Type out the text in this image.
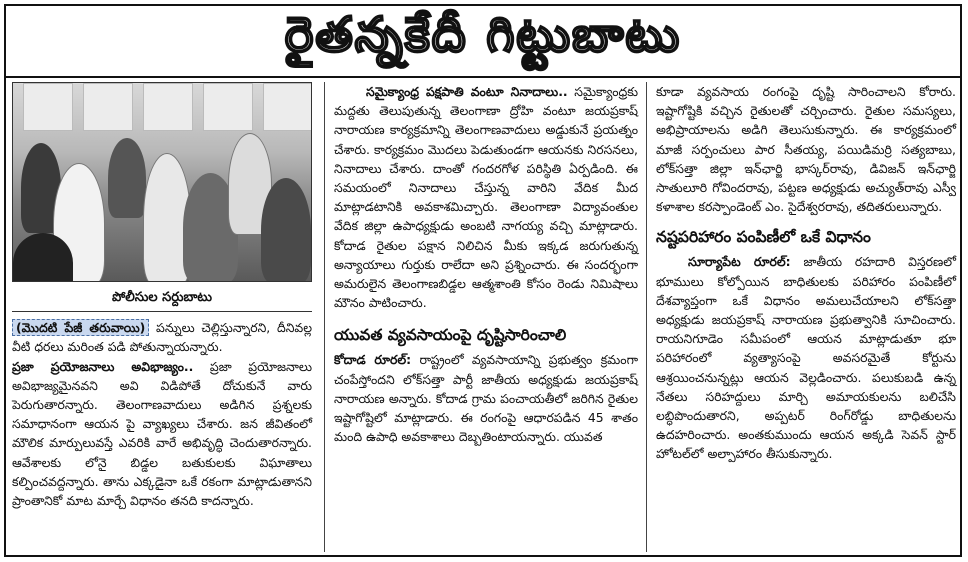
రైతన్నకేదీ గిట్టుబాటు
పోలీసుల సర్దుబాటు

(మొదటి పేజీ తరువాయి) పన్నులు చెల్లిస్తున్నారని, దీనివల్ల వీటి ధరలు మరింత పడి పోతున్నాయన్నారు.

ప్రజా ప్రయోజనాలు అవిభాజ్యం.. ప్రజా ప్రయోజనాలు అవిభాజ్యమైనవని అవి విడిపోతే దోచుకునే వారు పెరుగుతారన్నారు. తెలంగాణవాదులు అడిగిన ప్రశ్నలకు సమాధానంగా ఆయన పై వ్యాఖ్యలు చేశారు. జన జీవితంలో మౌలిక మార్పులువస్తే ఎవరికి వారే అభివృద్ధి చెందుతారన్నారు. ఆవేశాలకు లోనై బిడ్డల బతుకులకు విఘాతాలు కల్పించవద్దన్నారు. తాను ఎక్కడైనా ఒకే రకంగా మాట్లాడుతానని ప్రాంతానికో మాట మార్చే విధానం తనది కాదన్నారు.

సమైక్యాంధ్ర పక్షపాతి వంటూ నినాదాలు.. సమైక్యాంధ్రకు మద్దతు తెలుపుతున్న తెలంగాణా ద్రోహి వంటూ జయప్రకాష్ నారాయణ కార్యక్రమాన్ని తెలంగాణవాదులు అడ్డుకునే ప్రయత్నం చేశారు. కార్యక్రమం మొదలు పెడుతుండగా ఆయనకు నిరసనలు, నినాదాలు చేశారు. దాంతో గందరగోళ పరిస్థితి ఏర్పడింది. ఈ సమయంలో నినాదాలు చేస్తున్న వారిని వేదిక మీద మాట్లాడటానికి అవకాశమిచ్చారు. తెలంగాణా విద్యావంతుల వేదిక జిల్లా ఉపాధ్యక్షుడు అంబటి నాగయ్య వచ్చి మాట్లాడారు. కోదాడ రైతుల పక్షాన నిలిచిన మీకు ఇక్కడ జరుగుతున్న అన్యాయాలు గుర్తుకు రాలేదా అని ప్రశ్నించారు. ఈ సందర్భంగా అమరులైన తెలంగాణబిడ్డల ఆత్మశాంతి కోసం రెండు నిమిషాలు మౌనం పాటించారు.

యువత వ్యవసాయంపై దృష్టిసారించాలి

కోదాడ రూరల్: రాష్ట్రంలో వ్యవసాయాన్ని ప్రభుత్వం క్రమంగా చంపేస్తోందని లోక్‌సత్తా పార్టీ జాతీయ అధ్యక్షుడు జయప్రకాష్ నారాయణ అన్నారు. కోదాడ గ్రామ పంచాయతీలో జరిగిన రైతుల ఇష్టాగోష్టిలో మాట్లాడారు. ఈ రంగంపై ఆధారపడిన 45 శాతం మంది ఉపాధి అవకాశాలు దెబ్బతింటాయన్నారు. యువత

కూడా వ్యవసాయ రంగంపై దృష్టి సారించాలని కోరారు. ఇష్టాగోష్టికి వచ్చిన రైతులతో చర్చించారు. రైతుల సమస్యలు, అభిప్రాయాలను అడిగి తెలుసుకున్నారు. ఈ కార్యక్రమంలో మాజీ సర్పంచులు పార సీతయ్య, పయిడిమర్రి సత్యబాబు, లోక్‌సత్తా జిల్లా ఇన్‌ఛార్జి భాస్కర్‌రావు, డివిజన్ ఇన్‌ఛార్జి సాతులూరి గోవిందరావు, పట్టణ అధ్యక్షుడు అచ్యుత్‌రావు ఎస్వీ కళాశాల కరస్పాండెంట్ ఎం. సైదేశ్వరరావు, తదితరులున్నారు.

నష్టపరిహారం పంపిణీలో ఒకే విధానం

సూర్యాపేట రూరల్: జాతీయ రహదారి విస్తరణలో భూములు కోల్పోయిన బాధితులకు పరిహారం పంపిణీలో దేశవ్యాప్తంగా ఒకే విధానం అమలుచేయాలని లోక్‌సత్తా అధ్యక్షుడు జయప్రకాష్ నారాయణ ప్రభుత్వానికి సూచించారు. రాయనిగూడెం సమీపంలో ఆయన మాట్లాడుతూ భూ పరిహారంలో వ్యత్యాసంపై అవసరమైతే కోర్టును ఆశ్రయించనున్నట్లు ఆయన వెల్లడించారు. పలుకుబడి ఉన్న నేతలు సరిహద్దులు మార్చి అమాయకులను బలిచేసి లబ్ధిపొందుతారని, అప్పటర్ రింగ్‌రోడ్డు బాధితులను ఉదహరించారు. అంతకుముందు ఆయన అక్కడి సెవన్ స్టార్ హోటల్‌లో అల్పాహారం తీసుకున్నారు.
